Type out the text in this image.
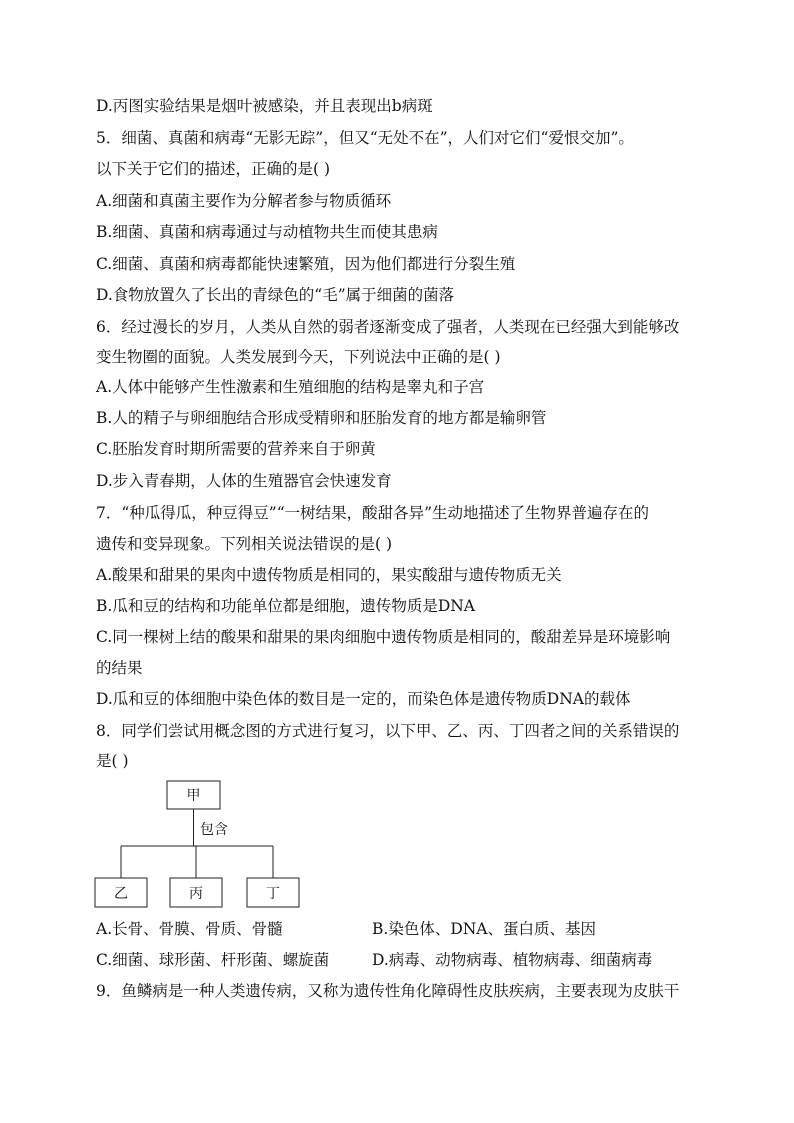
D.丙图实验结果是烟叶被感染，并且表现出b病斑
5．细菌、真菌和病毒“无影无踪”，但又“无处不在”，人们对它们“爱恨交加”。
以下关于它们的描述，正确的是( )
A.细菌和真菌主要作为分解者参与物质循环
B.细菌、真菌和病毒通过与动植物共生而使其患病
C.细菌、真菌和病毒都能快速繁殖，因为他们都进行分裂生殖
D.食物放置久了长出的青绿色的“毛”属于细菌的菌落
6．经过漫长的岁月，人类从自然的弱者逐渐变成了强者，人类现在已经强大到能够改
变生物圈的面貌。人类发展到今天，下列说法中正确的是( )
A.人体中能够产生性激素和生殖细胞的结构是睾丸和子宫
B.人的精子与卵细胞结合形成受精卵和胚胎发育的地方都是输卵管
C.胚胎发育时期所需要的营养来自于卵黄
D.步入青春期，人体的生殖器官会快速发育
7．“种瓜得瓜，种豆得豆”“一树结果，酸甜各异”生动地描述了生物界普遍存在的
遗传和变异现象。下列相关说法错误的是( )
A.酸果和甜果的果肉中遗传物质是相同的，果实酸甜与遗传物质无关
B.瓜和豆的结构和功能单位都是细胞，遗传物质是DNA
C.同一棵树上结的酸果和甜果的果肉细胞中遗传物质是相同的，酸甜差异是环境影响
的结果
D.瓜和豆的体细胞中染色体的数目是一定的，而染色体是遗传物质DNA的载体
8．同学们尝试用概念图的方式进行复习，以下甲、乙、丙、丁四者之间的关系错误的
是( )
甲
包含
乙	丙	丁
A.长骨、骨膜、骨质、骨髓	B.染色体、DNA、蛋白质、基因
C.细菌、球形菌、杆形菌、螺旋菌	D.病毒、动物病毒、植物病毒、细菌病毒
9．鱼鳞病是一种人类遗传病，又称为遗传性角化障碍性皮肤疾病，主要表现为皮肤干
